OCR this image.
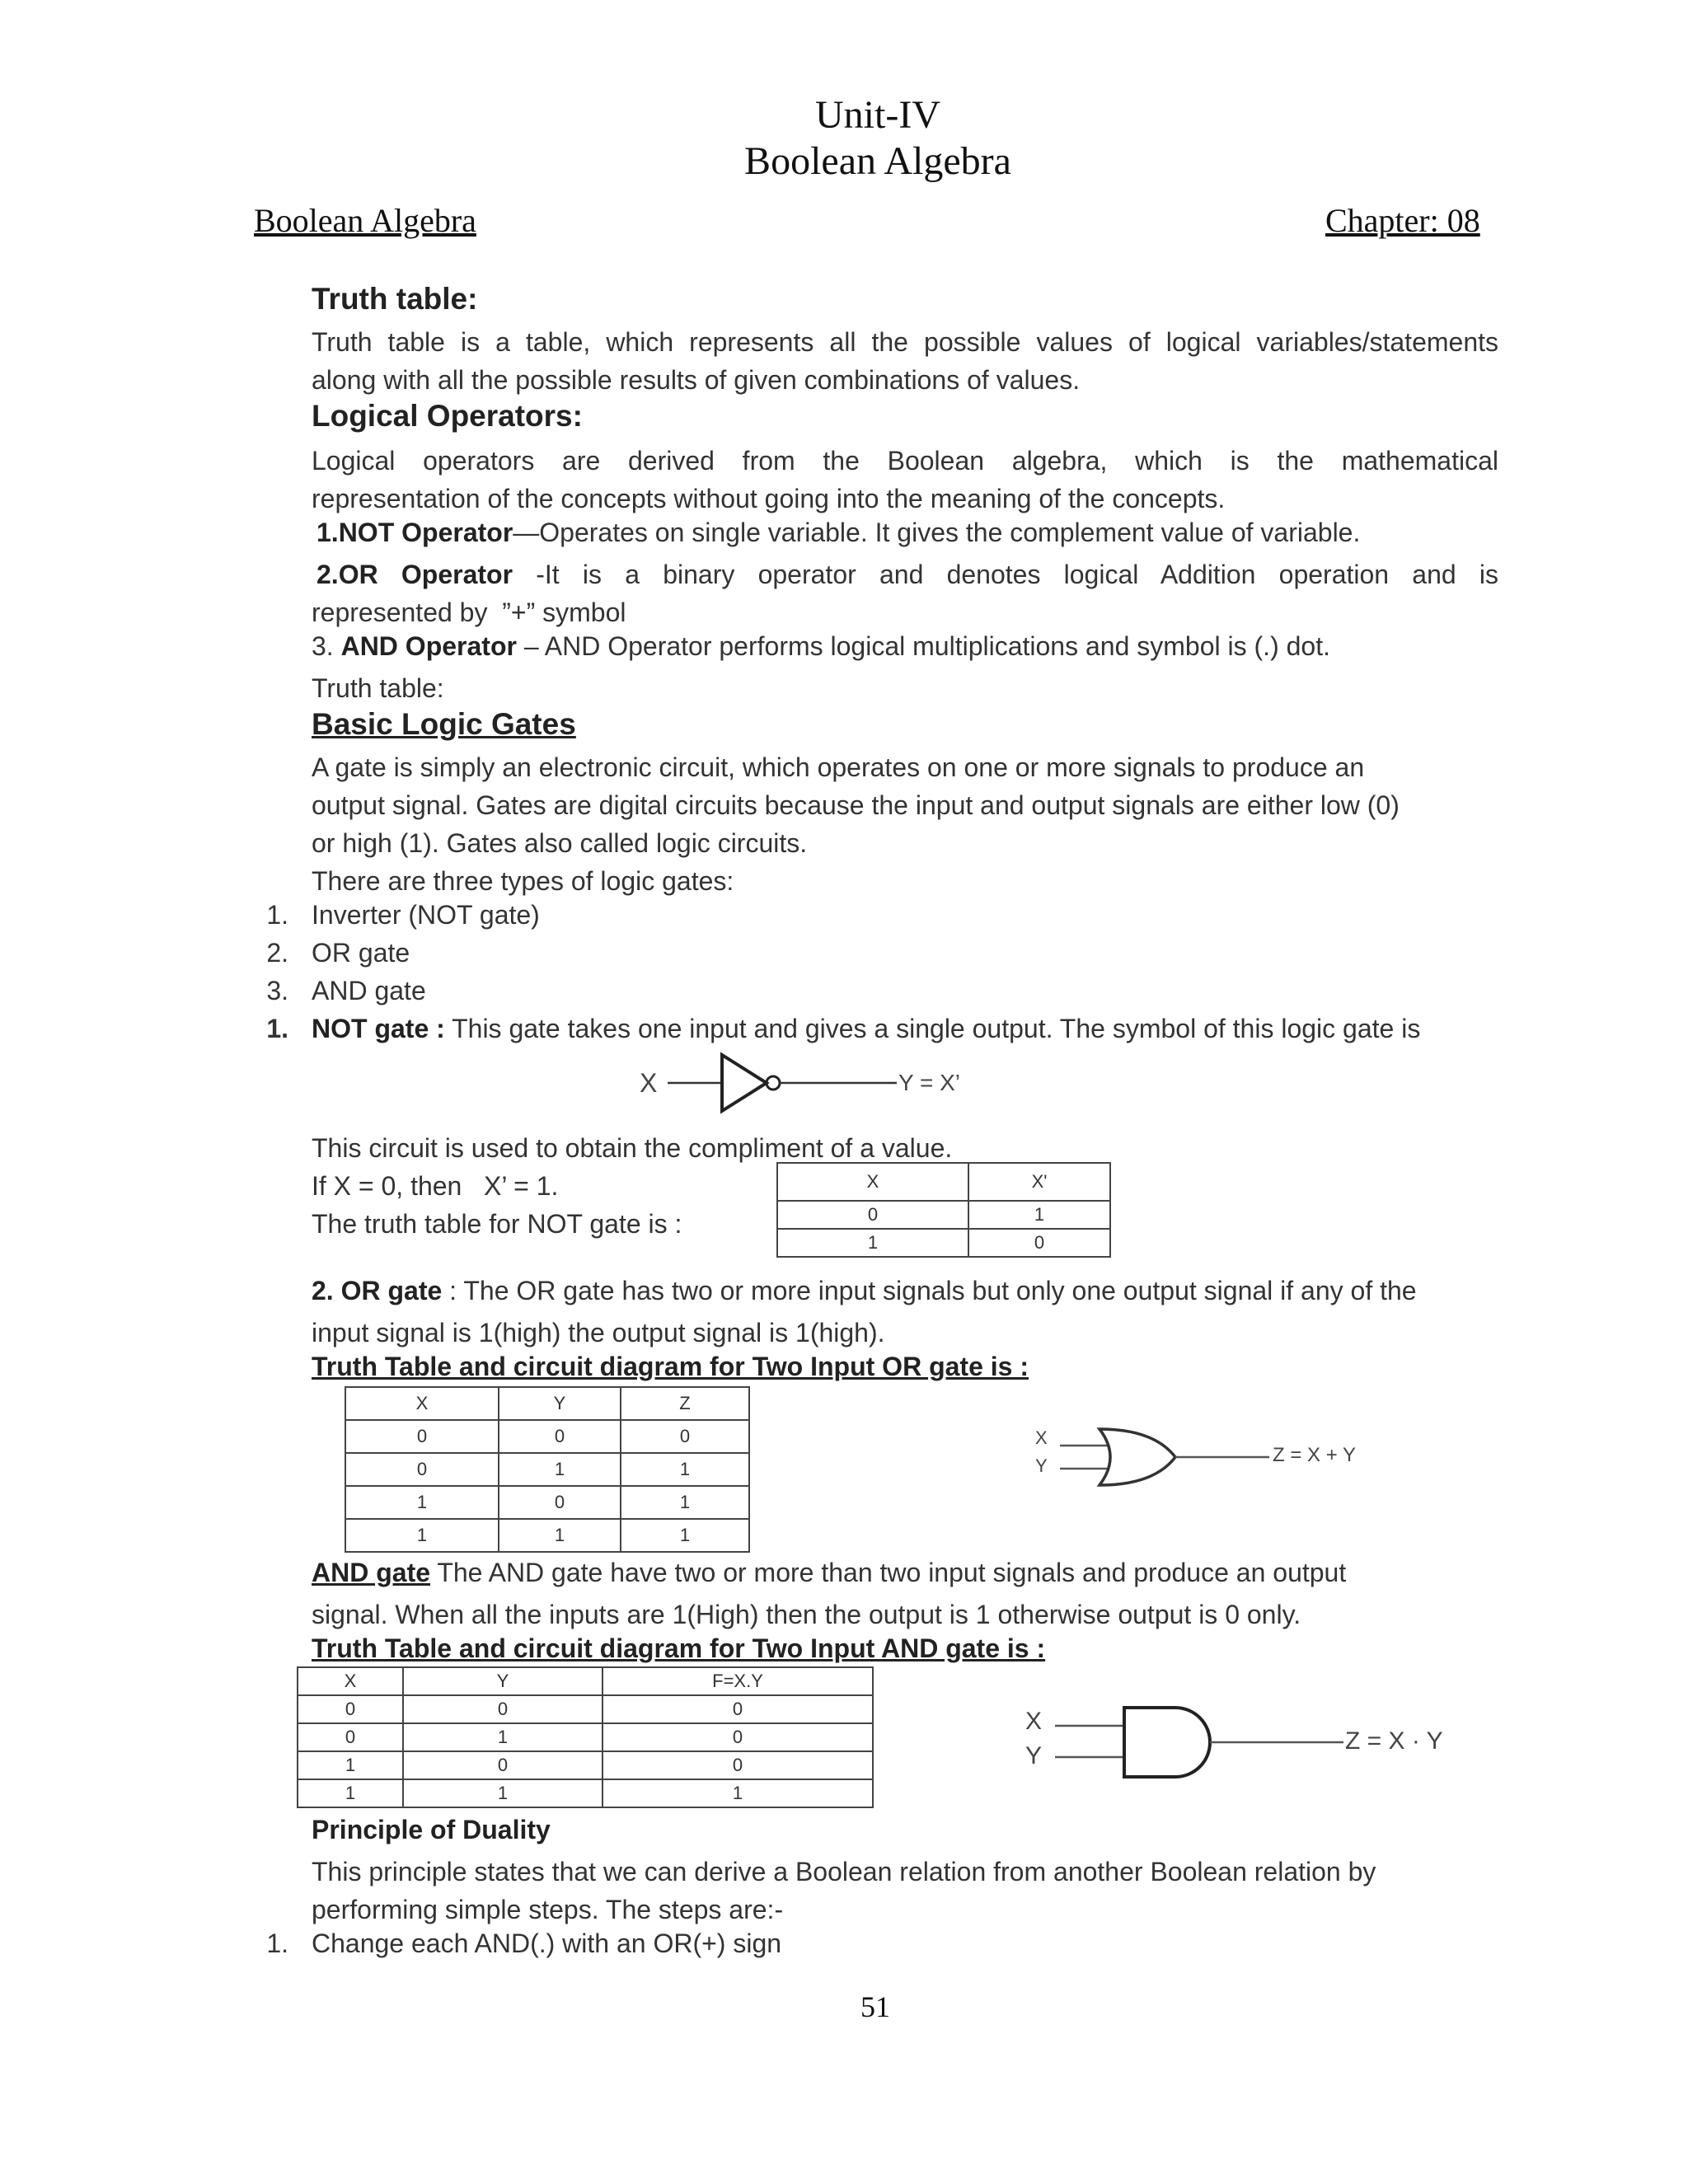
Unit-IV
Boolean Algebra
Boolean Algebra	Chapter: 08
Truth table:
Truth table is a table, which represents all the possible values of logical variables/statements
along with all the possible results of given combinations of values.
Logical Operators:
Logical operators are derived from the Boolean algebra, which is the mathematical
representation of the concepts without going into the meaning of the concepts.
1.NOT Operator—Operates on single variable. It gives the complement value of variable.
2.OR Operator -It is a binary operator and denotes logical Addition operation and is
represented by  ”+” symbol
3. AND Operator – AND Operator performs logical multiplications and symbol is (.) dot.
Truth table:
Basic Logic Gates
A gate is simply an electronic circuit, which operates on one or more signals to produce an
output signal. Gates are digital circuits because the input and output signals are either low (0)
or high (1). Gates also called logic circuits.
There are three types of logic gates:
1. Inverter (NOT gate)
2. OR gate
3. AND gate
1. NOT gate : This gate takes one input and gives a single output. The symbol of this logic gate is
X	Y = X’
This circuit is used to obtain the compliment of a value.
If X = 0, then   X’ = 1.
The truth table for NOT gate is :
X	X'
0	1
1	0
2. OR gate : The OR gate has two or more input signals but only one output signal if any of the
input signal is 1(high) the output signal is 1(high).
Truth Table and circuit diagram for Two Input OR gate is :
X	Y	Z
0	0	0
0	1	1
1	0	1
1	1	1
X
Y	Z = X + Y
AND gate The AND gate have two or more than two input signals and produce an output
signal. When all the inputs are 1(High) then the output is 1 otherwise output is 0 only.
Truth Table and circuit diagram for Two Input AND gate is :
X	Y	F=X.Y
0	0	0
0	1	0
1	0	0
1	1	1
X
Y
Z = X · Y
Principle of Duality
This principle states that we can derive a Boolean relation from another Boolean relation by
performing simple steps. The steps are:-
1. Change each AND(.) with an OR(+) sign
51
